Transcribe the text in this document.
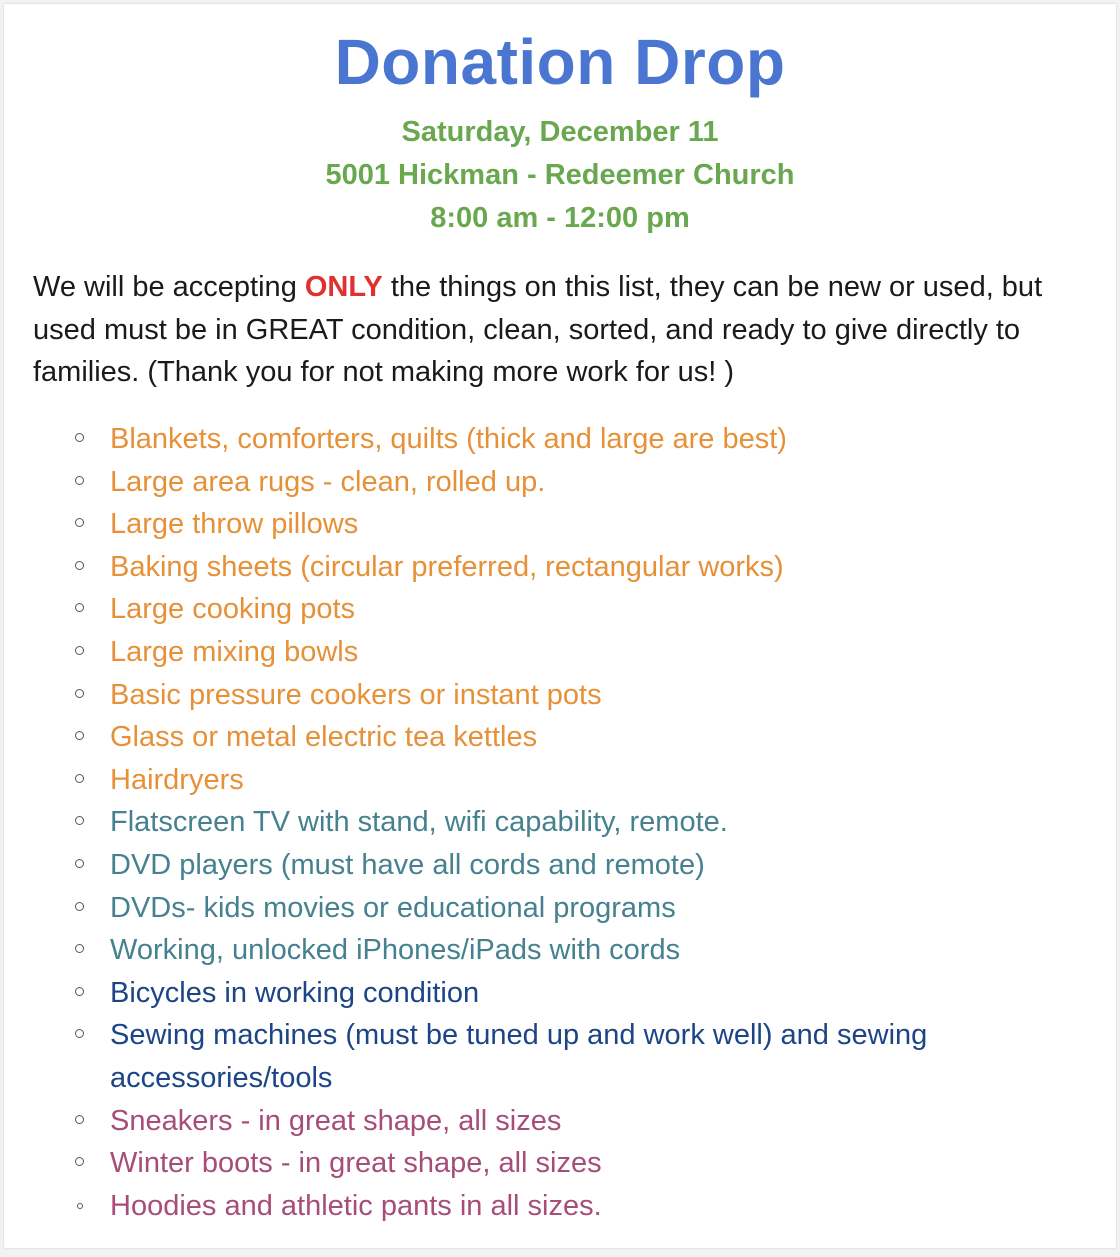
Donation Drop
Saturday, December 11
5001 Hickman - Redeemer Church
8:00 am - 12:00 pm
We will be accepting ONLY the things on this list, they can be new or used, but used must be in GREAT condition, clean, sorted, and ready to give directly to families. (Thank you for not making more work for us! )
Blankets, comforters, quilts (thick and large are best)
Large area rugs - clean, rolled up.
Large throw pillows
Baking sheets (circular preferred, rectangular works)
Large cooking pots
Large mixing bowls
Basic pressure cookers or instant pots
Glass or metal electric tea kettles
Hairdryers
Flatscreen TV with stand, wifi capability, remote.
DVD players (must have all cords and remote)
DVDs- kids movies or educational programs
Working, unlocked iPhones/iPads with cords
Bicycles in working condition
Sewing machines (must be tuned up and work well) and sewing accessories/tools
Sneakers - in great shape, all sizes
Winter boots - in great shape, all sizes
Hoodies and athletic pants in all sizes.
